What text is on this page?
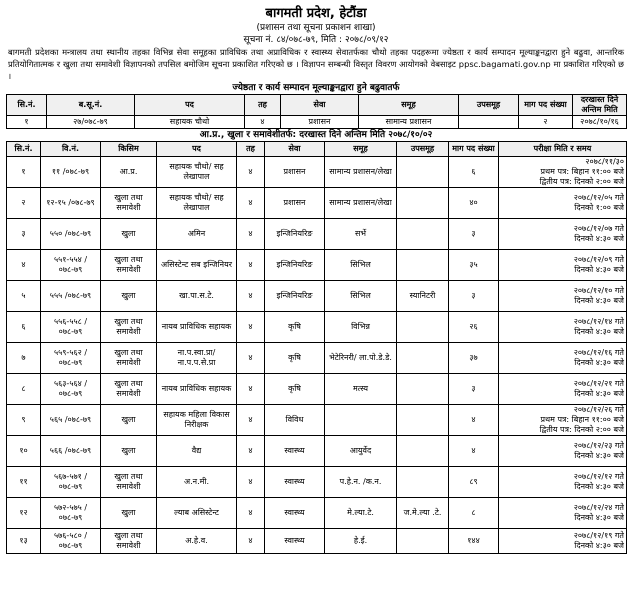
बागमती प्रदेश, हेटौंडा
(प्रशासन तथा सूचना प्रकाशन शाखा)
सूचना नं. ८४/०७८-७९, मिति : २०७८/०९/१२
बागमती प्रदेशका मन्त्रालय तथा स्थानीय तहका विभिन्न सेवा समूहका प्राविधिक तथा अप्राविधिक र स्वास्थ्य सेवातर्फका चौथो तहका पदहरूमा ज्येष्ठता र कार्य सम्पादन मूल्याङ्कनद्वारा हुने बढुवा, आन्तरिक प्रतियोगितात्मक र खुला तथा समावेशी विज्ञापनको तपसिल बमोजिम सूचना प्रकाशित गरिएको छ । विज्ञापन सम्बन्धी विस्तृत विवरण आयोगको वेबसाइट ppsc.bagamati.gov.np मा प्रकाशित गरिएको छ ।
ज्येष्ठता र कार्य सम्पादन मूल्याङ्कनद्वारा हुने बढुवातर्फ
सि.नं.	ब.सू.नं.	पद	तह	सेवा	समूह	उपसमूह	माग पद संख्या	दरखास्त दिने अन्तिम मिति
१	२७/०७८-७९	सहायक चौथो	४	प्रशासन	सामान्य प्रशासन		२	२०७८/१०/१६
आ.प्र., खुला र समावेशीतर्फ: दरखास्त दिने अन्तिम मिति २०७८/१०/०२
सि.नं.	वि.नं.	किसिम	पद	तह	सेवा	समूह	उपसमूह	माग पद संख्या	परीक्षा मिति र समय
१	११ /०७८-७९	आ.प्र.	सहायक चौथो/ सह लेखापाल	४	प्रशासन	सामान्य प्रशासन/लेखा		६	२०७८/११/३०
प्रथम पत्र: बिहान ११:०० बजे
द्वितीय पत्र: दिनको २:०० बजे

२	१२-१५ /०७८-७९	खुला तथा समावेशी	सहायक चौथो/ सह लेखापाल	४	प्रशासन	सामान्य प्रशासन/लेखा		४०	२०७८/१२/०५ गते
दिनको १:०० बजे

३	५५० /०७८-७९	खुला	अमिन	४	इन्जिनियरिङ	सर्भे		३	२०७८/१२/०७ गते
दिनको ४:३० बजे

४	५५१-५५४ /०७८-७९	खुला तथा समावेशी	असिस्टेन्ट सब इन्जिनियर	४	इन्जिनियरिङ	सिभिल		३५	२०७८/१२/०९ गते
दिनको ४:३० बजे

५	५५५ /०७८-७९	खुला	खा.पा.स.टे.	४	इन्जिनियरिङ	सिभिल	स्यानिटरी	३	२०७८/१२/१० गते
दिनको ४:३० बजे

६	५५६-५५८ /०७८-७९	खुला तथा समावेशी	नायब प्राविधिक सहायक	४	कृषि	विभिन्न		२६	२०७८/१२/१४ गते
दिनको ४:३० बजे

७	५५९-५६२ /०७८-७९	खुला तथा समावेशी	ना.प.स्वा.प्रा/ ना.प.प.से.प्रा	४	कृषि	भेटेरिनरी/ ला.पो.डे.डे.		३७	२०७८/१२/१६ गते
दिनको ४:३० बजे

८	५६३-५६४ /०७८-७९	खुला तथा समावेशी	नायब प्राविधिक सहायक	४	कृषि	मत्स्य		३	२०७८/१२/२१ गते
दिनको ४:३० बजे

९	५६५ /०७८-७९	खुला	सहायक महिला विकास निरीक्षक	४	विविध			४	२०७८/१२/२६ गते
प्रथम पत्र: बिहान ११:०० बजे
द्वितीय पत्र: दिनको २:०० बजे

१०	५६६ /०७८-७९	खुला	वैद्य	४	स्वास्थ्य	आयुर्वेद		४	२०७८/१२/२३ गते
दिनको ४:३० बजे

११	५६७-५७१ /०७८-७९	खुला तथा समावेशी	अ.न.मी.	४	स्वास्थ्य	प.हे.न. /क.न.		८९	२०७८/१२/१२ गते
दिनको ४:३० बजे

१२	५७२-५७५ /०७८-७९	खुला	ल्याब असिस्टेन्ट	४	स्वास्थ्य	मे.ल्या.टे.	ज.मे.ल्या .टे.	८	२०७८/१२/२४ गते
दिनको ४:३० बजे

१३	५७६-५८० /०७८-७९	खुला तथा समावेशी	अ.हे.व.	४	स्वास्थ्य	हे.ई.		१४४	२०७८/१२/१९ गते
दिनको ४:३० बजे
